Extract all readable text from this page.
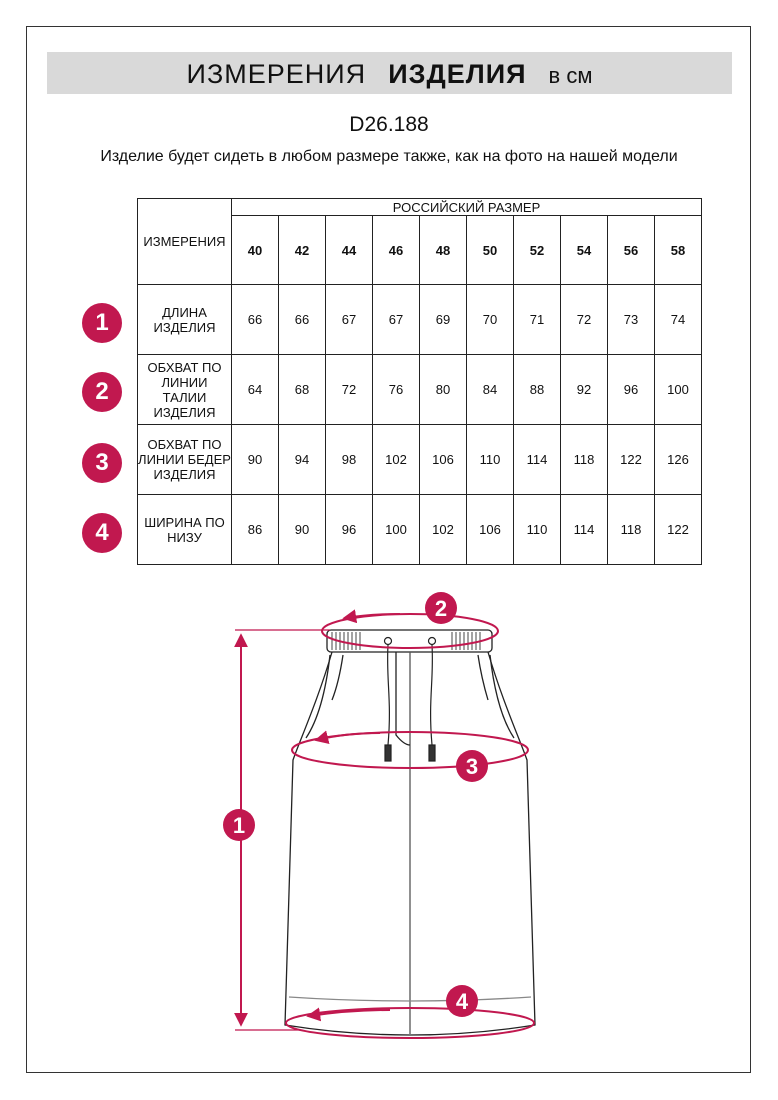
ИЗМЕРЕНИЯ ИЗДЕЛИЯ в см
D26.188
Изделие будет сидеть в любом размере также, как на фото на нашей модели
ИЗМЕРЕНИЯ	РОССИЙСКИЙ РАЗМЕР									
	40	42	44	46	48	50	52	54	56	58
ДЛИНА ИЗДЕЛИЯ	66	66	67	67	69	70	71	72	73	74
ОБХВАТ ПО ЛИНИИ ТАЛИИ ИЗДЕЛИЯ	64	68	72	76	80	84	88	92	96	100
ОБХВАТ ПО ЛИНИИ БЕДЕР ИЗДЕЛИЯ	90	94	98	102	106	110	114	118	122	126
ШИРИНА ПО НИЗУ	86	90	96	100	102	106	110	114	118	122
1
2
3
4
1
2
3
4
